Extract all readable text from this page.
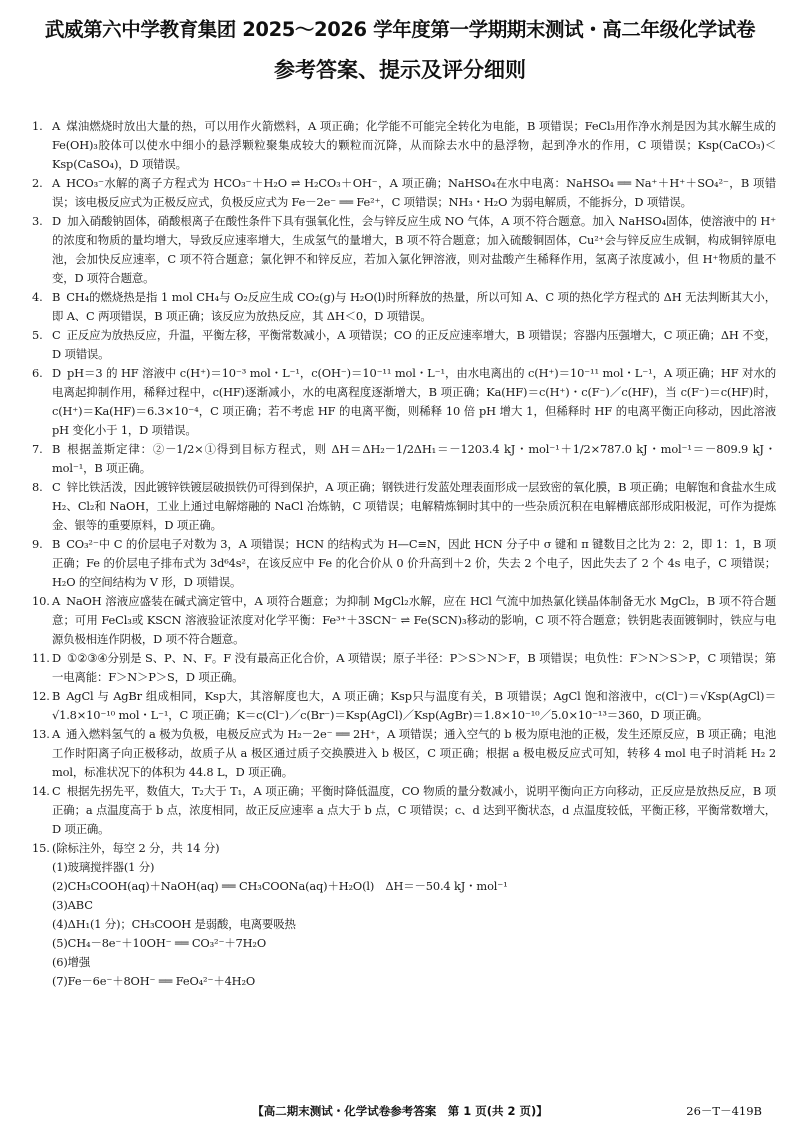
武威第六中学教育集团 2025～2026 学年度第一学期期末测试・高二年级化学试卷
参考答案、提示及评分细则
1. A 煤油燃烧时放出大量的热，可以用作火箭燃料，A 项正确；化学能不可能完全转化为电能，B 项错误；FeCl₃用作净水剂是因为其水解生成的 Fe(OH)₃胶体可以使水中细小的悬浮颗粒聚集成较大的颗粒而沉降，从而除去水中的悬浮物，起到净水的作用，C 项错误；Ksp(CaCO₃)＜Ksp(CaSO₄)，D 项错误。
2. A HCO₃⁻水解的离子方程式为 HCO₃⁻＋H₂O ⇌ H₂CO₃＋OH⁻，A 项正确；NaHSO₄在水中电离：NaHSO₄ ══ Na⁺＋H⁺＋SO₄²⁻，B 项错误；该电极反应式为正极反应式，负极反应式为 Fe－2e⁻ ══ Fe²⁺，C 项错误；NH₃・H₂O 为弱电解质，不能拆分，D 项错误。
3. D 加入硝酸钠固体，硝酸根离子在酸性条件下具有强氧化性，会与锌反应生成 NO 气体，A 项不符合题意。加入 NaHSO₄固体，使溶液中的 H⁺的浓度和物质的量均增大，导致反应速率增大，生成氢气的量增大，B 项不符合题意；加入硫酸铜固体，Cu²⁺会与锌反应生成铜，构成铜锌原电池，会加快反应速率，C 项不符合题意；氯化钾不和锌反应，若加入氯化钾溶液，则对盐酸产生稀释作用，氢离子浓度减小，但 H⁺物质的量不变，D 项符合题意。
4. B CH₄的燃烧热是指 1 mol CH₄与 O₂反应生成 CO₂(g)与 H₂O(l)时所释放的热量，所以可知 A、C 项的热化学方程式的 ΔH 无法判断其大小，即 A、C 两项错误，B 项正确；该反应为放热反应，其 ΔH＜0，D 项错误。
5. C 正反应为放热反应，升温，平衡左移，平衡常数减小，A 项错误；CO 的正反应速率增大，B 项错误；容器内压强增大，C 项正确；ΔH 不变，D 项错误。
6. D pH＝3 的 HF 溶液中 c(H⁺)＝10⁻³ mol・L⁻¹，c(OH⁻)＝10⁻¹¹ mol・L⁻¹，由水电离出的 c(H⁺)＝10⁻¹¹ mol・L⁻¹，A 项正确；HF 对水的电离起抑制作用，稀释过程中，c(HF)逐渐减小，水的电离程度逐渐增大，B 项正确；Ka(HF)＝c(H⁺)・c(F⁻)／c(HF)，当 c(F⁻)＝c(HF)时，c(H⁺)＝Ka(HF)＝6.3×10⁻⁴，C 项正确；若不考虑 HF 的电离平衡，则稀释 10 倍 pH 增大 1，但稀释时 HF 的电离平衡正向移动，因此溶液 pH 变化小于 1，D 项错误。
7. B 根据盖斯定律：②－1/2×①得到目标方程式，则 ΔH＝ΔH₂－1/2ΔH₁＝－1203.4 kJ・mol⁻¹＋1/2×787.0 kJ・mol⁻¹＝－809.9 kJ・mol⁻¹，B 项正确。
8. C 锌比铁活泼，因此镀锌铁镀层破损铁仍可得到保护，A 项正确；钢铁进行发蓝处理表面形成一层致密的氧化膜，B 项正确；电解饱和食盐水生成 H₂、Cl₂和 NaOH，工业上通过电解熔融的 NaCl 冶炼钠，C 项错误；电解精炼铜时其中的一些杂质沉积在电解槽底部形成阳极泥，可作为提炼金、银等的重要原料，D 项正确。
9. B CO₃²⁻中 C 的价层电子对数为 3，A 项错误；HCN 的结构式为 H—C≡N，因此 HCN 分子中 σ 键和 π 键数目之比为 2：2，即 1：1，B 项正确；Fe 的价层电子排布式为 3d⁶4s²，在该反应中 Fe 的化合价从 0 价升高到＋2 价，失去 2 个电子，因此失去了 2 个 4s 电子，C 项错误；H₂O 的空间结构为 V 形，D 项错误。
10. A NaOH 溶液应盛装在碱式滴定管中，A 项符合题意；为抑制 MgCl₂水解，应在 HCl 气流中加热氯化镁晶体制备无水 MgCl₂，B 项不符合题意；可用 FeCl₃或 KSCN 溶液验证浓度对化学平衡：Fe³⁺＋3SCN⁻ ⇌ Fe(SCN)₃移动的影响，C 项不符合题意；铁钥匙表面镀铜时，铁应与电源负极相连作阴极，D 项不符合题意。
11. D ①②③④分别是 S、P、N、F。F 没有最高正化合价，A 项错误；原子半径：P＞S＞N＞F，B 项错误；电负性：F＞N＞S＞P，C 项错误；第一电离能：F＞N＞P＞S，D 项正确。
12. B AgCl 与 AgBr 组成相同，Ksp大，其溶解度也大，A 项正确；Ksp只与温度有关，B 项错误；AgCl 饱和溶液中，c(Cl⁻)＝√Ksp(AgCl)＝√1.8×10⁻¹⁰ mol・L⁻¹，C 项正确；K＝c(Cl⁻)／c(Br⁻)＝Ksp(AgCl)／Ksp(AgBr)＝1.8×10⁻¹⁰／5.0×10⁻¹³＝360，D 项正确。
13. A 通入燃料氢气的 a 极为负极，电极反应式为 H₂－2e⁻ ══ 2H⁺，A 项错误；通入空气的 b 极为原电池的正极，发生还原反应，B 项正确；电池工作时阳离子向正极移动，故质子从 a 极区通过质子交换膜进入 b 极区，C 项正确；根据 a 极电极反应式可知，转移 4 mol 电子时消耗 H₂ 2 mol，标准状况下的体积为 44.8 L，D 项正确。
14. C 根据先拐先平，数值大，T₂大于 T₁，A 项正确；平衡时降低温度，CO 物质的量分数减小，说明平衡向正方向移动，正反应是放热反应，B 项正确；a 点温度高于 b 点，浓度相同，故正反应速率 a 点大于 b 点，C 项错误；c、d 达到平衡状态，d 点温度较低，平衡正移，平衡常数增大，D 项正确。
15. (除标注外，每空 2 分，共 14 分)
(1)玻璃搅拌器(1 分)
(2)CH₃COOH(aq)＋NaOH(aq) ══ CH₃COONa(aq)＋H₂O(l)　ΔH＝－50.4 kJ・mol⁻¹
(3)ABC
(4)ΔH₁(1 分)；CH₃COOH 是弱酸，电离要吸热
(5)CH₄－8e⁻＋10OH⁻ ══ CO₃²⁻＋7H₂O
(6)增强
(7)Fe－6e⁻＋8OH⁻ ══ FeO₄²⁻＋4H₂O
【高二期末测试・化学试卷参考答案　第 1 页(共 2 页)】	26－T－419B
